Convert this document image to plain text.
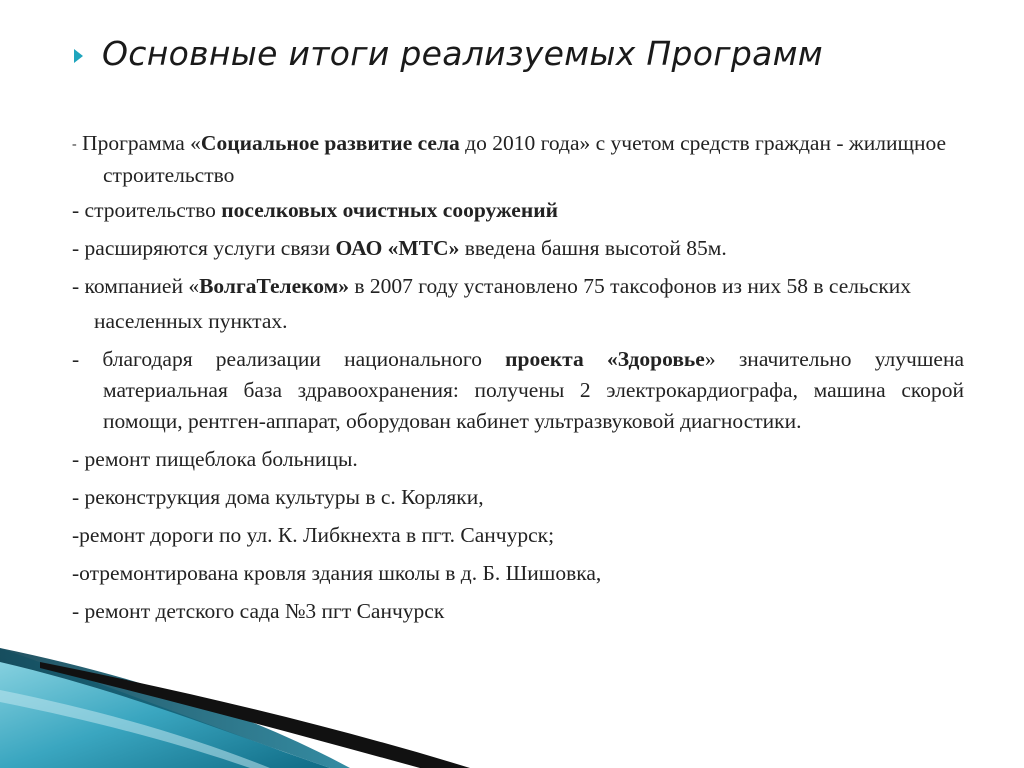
Основные итоги реализуемых Программ
- Программа «Социальное развитие села до 2010 года» с учетом средств граждан - жилищное строительство
- строительство поселковых очистных сооружений
- расширяются услуги связи ОАО «МТС» введена башня высотой 85м.
- компанией «ВолгаТелеком» в 2007 году установлено 75 таксофонов из них 58 в сельских
населенных пунктах.
- благодаря реализации национального проекта «Здоровье» значительно улучшена материальная база здравоохранения: получены 2 электрокардиографа, машина скорой помощи, рентген-аппарат, оборудован кабинет ультразвуковой диагностики.
- ремонт пищеблока больницы.
- реконструкция дома культуры в с. Корляки,
-ремонт дороги по ул. К. Либкнехта в пгт. Санчурск;
-отремонтирована кровля здания школы в д. Б. Шишовка,
- ремонт детского сада №3 пгт Санчурск
